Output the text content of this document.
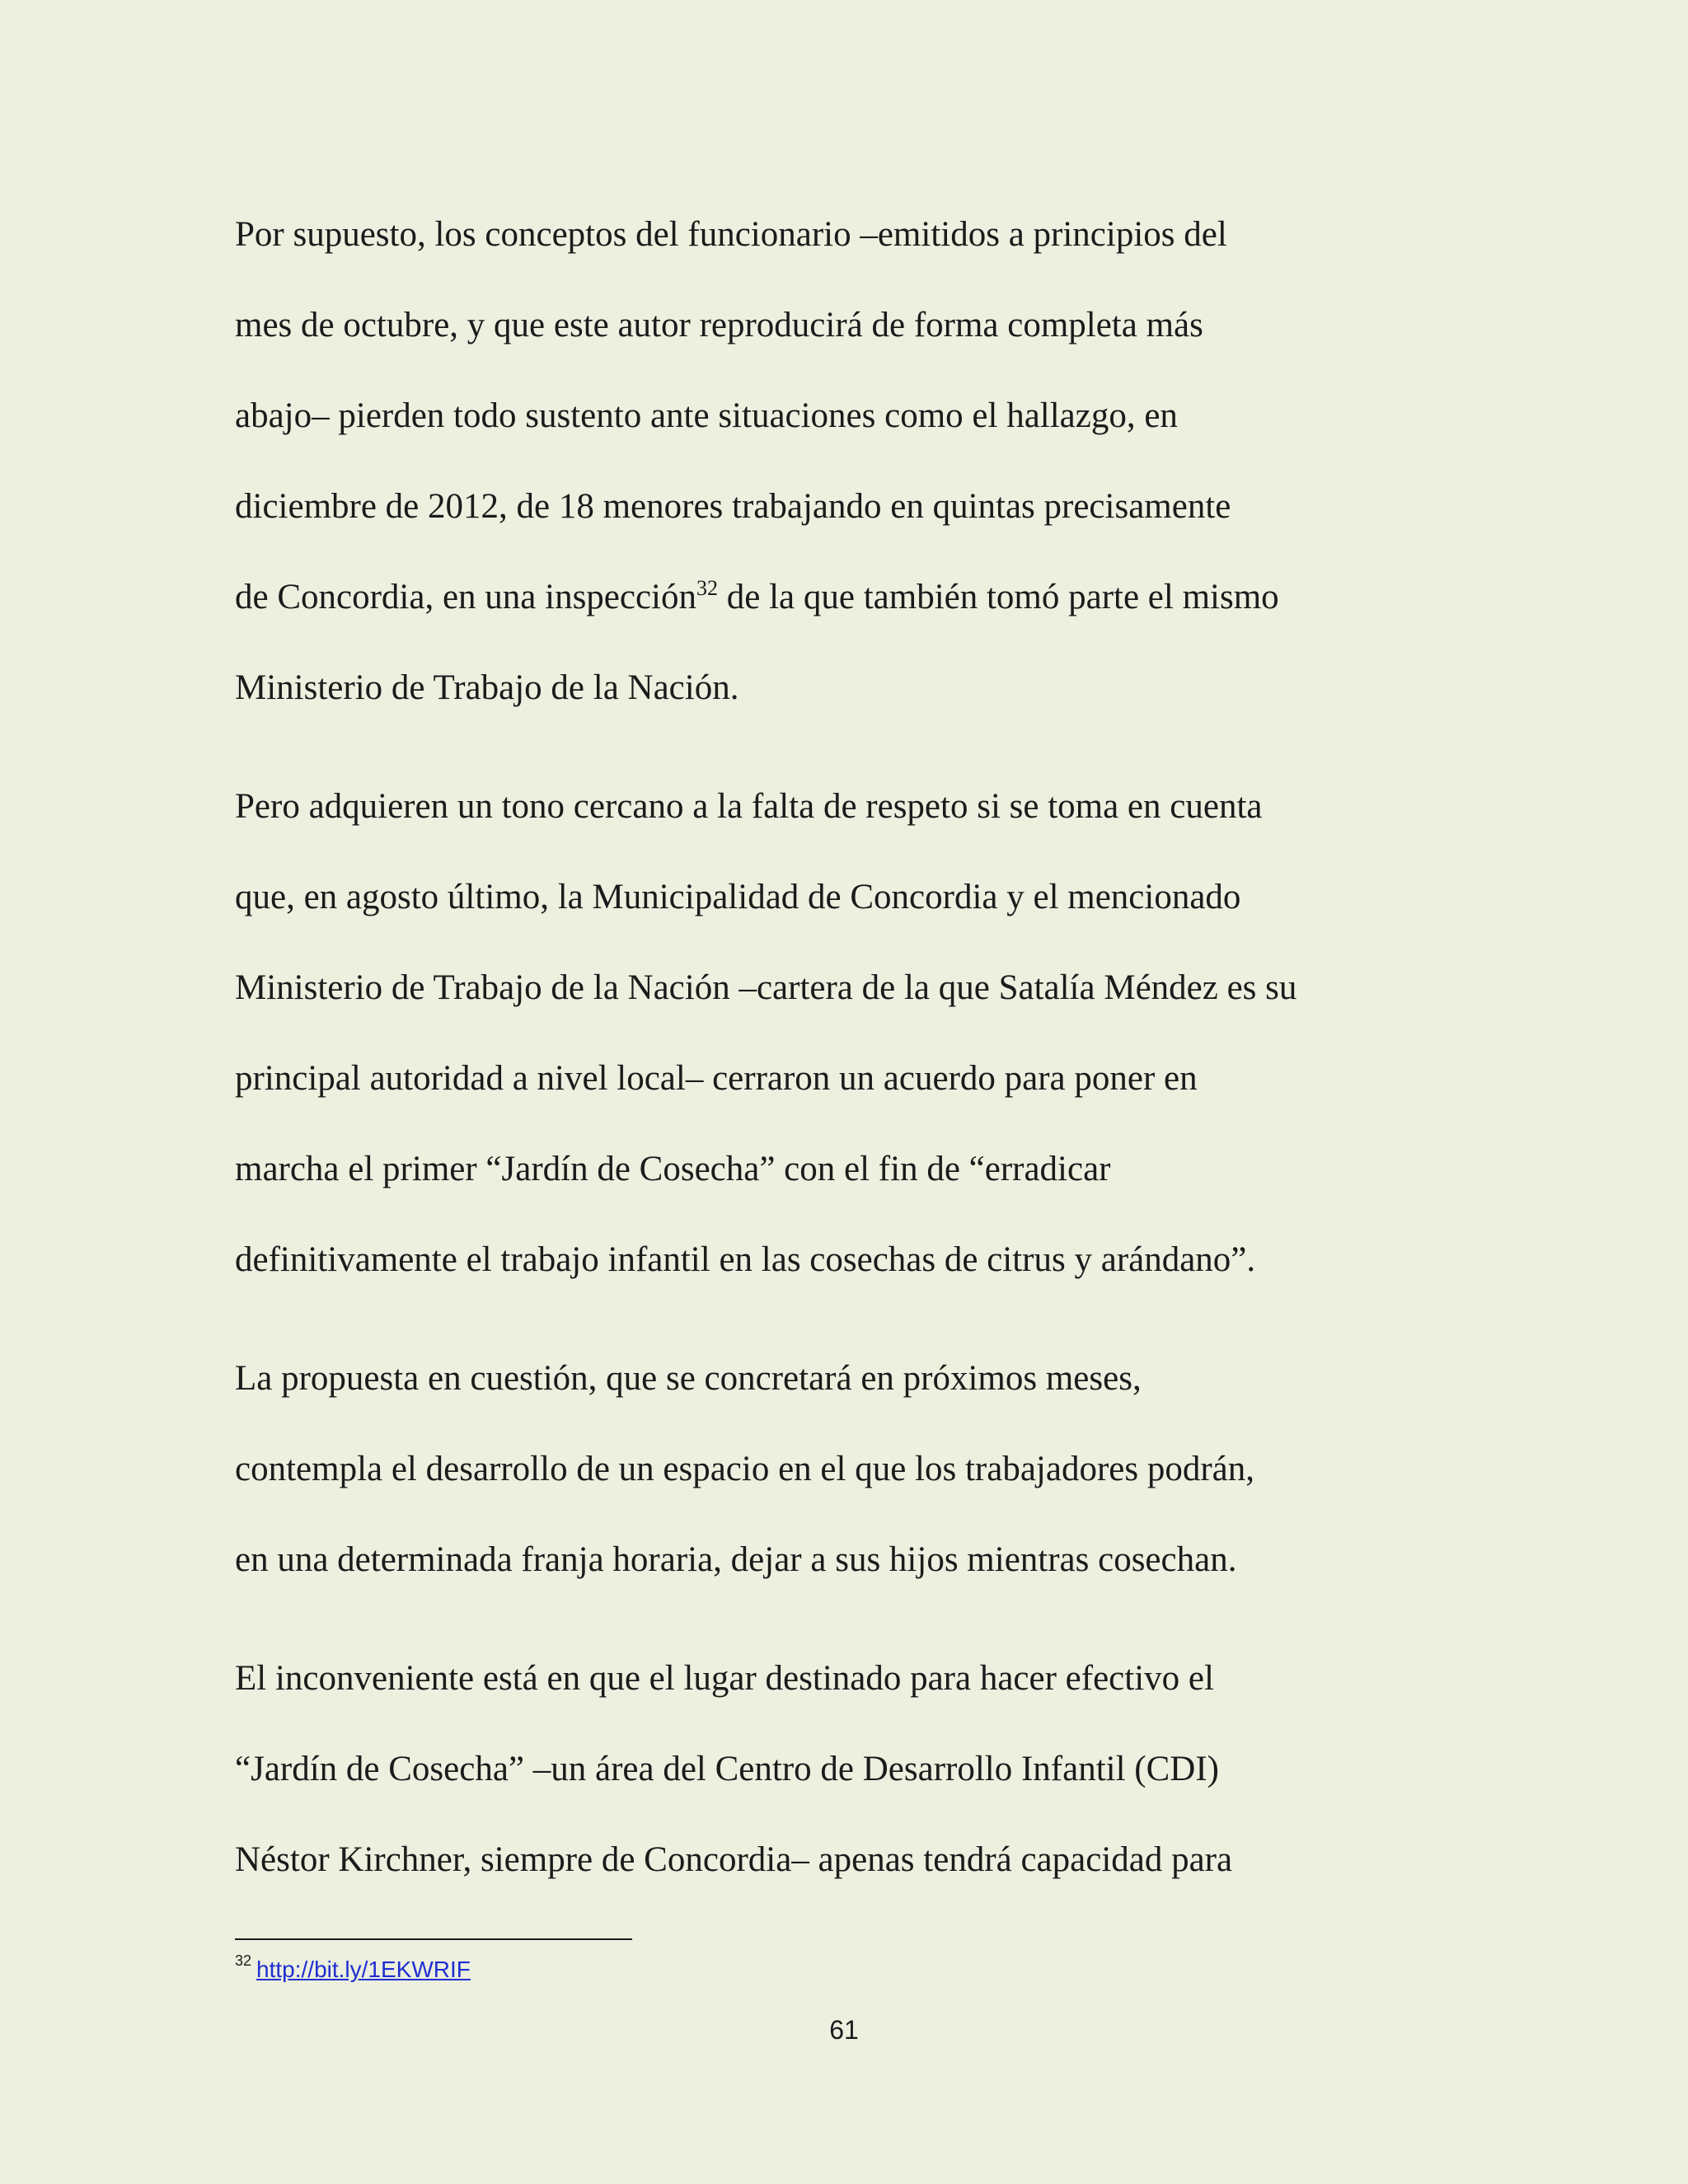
Por supuesto, los conceptos del funcionario –emitidos a principios del
mes de octubre, y que este autor reproducirá de forma completa más
abajo– pierden todo sustento ante situaciones como el hallazgo, en
diciembre de 2012, de 18 menores trabajando en quintas precisamente
de Concordia, en una inspección$^{32}$ de la que también tomó parte el mismo
Ministerio de Trabajo de la Nación.
Pero adquieren un tono cercano a la falta de respeto si se toma en cuenta
que, en agosto último, la Municipalidad de Concordia y el mencionado
Ministerio de Trabajo de la Nación –cartera de la que Satalía Méndez es su
principal autoridad a nivel local– cerraron un acuerdo para poner en
marcha el primer “Jardín de Cosecha” con el fin de “erradicar
definitivamente el trabajo infantil en las cosechas de citrus y arándano”.
La propuesta en cuestión, que se concretará en próximos meses,
contempla el desarrollo de un espacio en el que los trabajadores podrán,
en una determinada franja horaria, dejar a sus hijos mientras cosechan.
El inconveniente está en que el lugar destinado para hacer efectivo el
“Jardín de Cosecha” –un área del Centro de Desarrollo Infantil (CDI)
Néstor Kirchner, siempre de Concordia– apenas tendrá capacidad para
$^{32}$ http://bit.ly/1EKWRIF
61
